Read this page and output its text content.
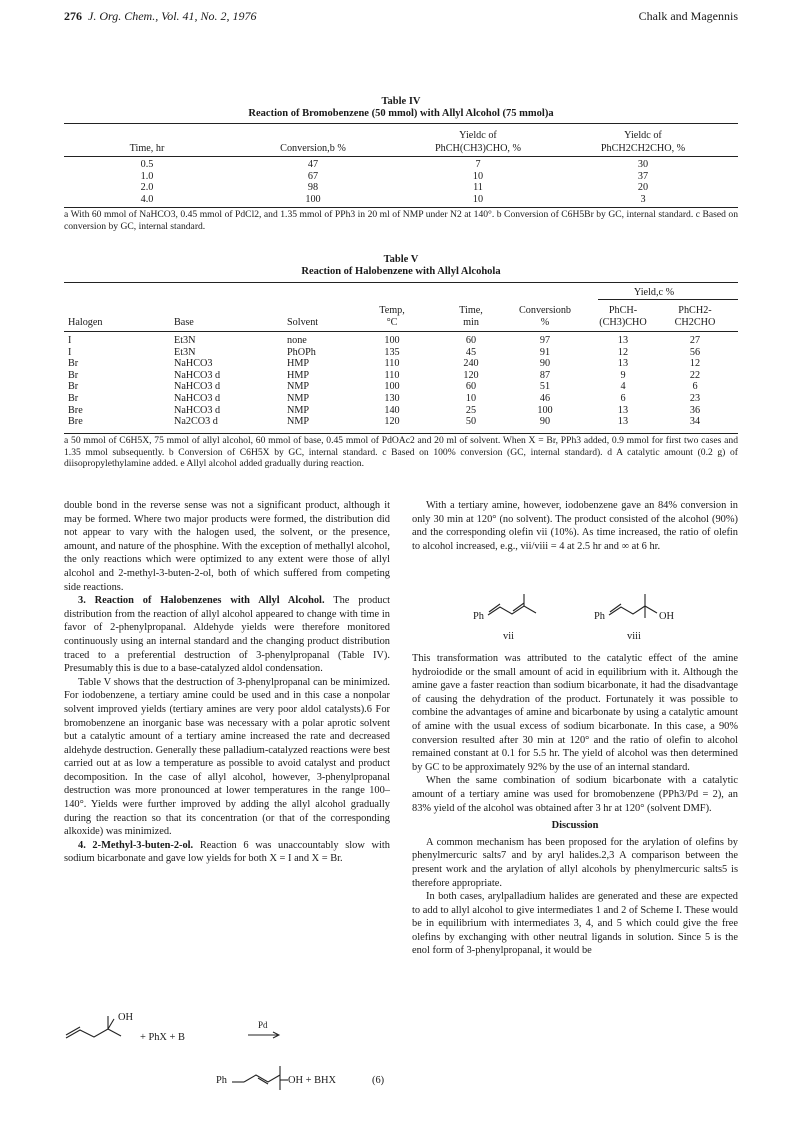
276 J. Org. Chem., Vol. 41, No. 2, 1976	Chalk and Magennis
Table IV
Reaction of Bromobenzene (50 mmol) with Allyl Alcohol (75 mmol)a
Time, hr	Conversion,b %
Yieldc of
PhCH(CH3)CHO, %
Yieldc of
PhCH2CH2CHO, %
0.5	47	7	30
1.0	67	10	37
2.0	98	11	20
4.0	100	10	3
a With 60 mmol of NaHCO3, 0.45 mmol of PdCl2, and 1.35 mmol of PPh3 in 20 ml of NMP under N2 at 140°. b Conversion of C6H5Br by GC, internal standard. c Based on conversion by GC, internal standard.
Table V
Reaction of Halobenzene with Allyl Alcohola
Yield,c %
Halogen	Base	Solvent
Temp,
°C
Time,
min
Conversionb
%
PhCH-
(CH3)CHO
PhCH2-
CH2CHO
I	Et3N	none	100	60	97	13	27
I	Et3N	PhOPh	135	45	91	12	56
Br	NaHCO3	HMP	110	240	90	13	12
Br	NaHCO3 d	HMP	110	120	87	9	22
Br	NaHCO3 d	NMP	100	60	51	4	6
Br	NaHCO3 d	NMP	130	10	46	6	23
Bre	NaHCO3 d	NMP	140	25	100	13	36
Bre	Na2CO3 d	NMP	120	50	90	13	34
a 50 mmol of C6H5X, 75 mmol of allyl alcohol, 60 mmol of base, 0.45 mmol of PdOAc2 and 20 ml of solvent. When X = Br, PPh3 added, 0.9 mmol for first two cases and 1.35 mmol subsequently. b Conversion of C6H5X by GC, internal standard. c Based on 100% conversion (GC, internal standard). d A catalytic amount (0.2 g) of diisopropylethylamine added. e Allyl alcohol added gradually during reaction.

double bond in the reverse sense was not a significant product, although it may be formed. Where two major products were formed, the distribution did not appear to vary with the halogen used, the solvent, or the presence, amount, and nature of the phosphine. With the exception of methallyl alcohol, the only reactions which were optimized to any extent were those of allyl alcohol and 2-methyl-3-buten-2-ol, both of which suffered from competing side reactions.

3. Reaction of Halobenzenes with Allyl Alcohol. The product distribution from the reaction of allyl alcohol appeared to change with time in favor of 2-phenylpropanal. Aldehyde yields were therefore monitored continuously using an internal standard and the changing product distribution traced to a preferential destruction of 3-phenylpropanal (Table IV). Presumably this is due to a base-catalyzed aldol condensation.

Table V shows that the destruction of 3-phenylpropanal can be minimized. For iodobenzene, a tertiary amine could be used and in this case a nonpolar solvent improved yields (tertiary amines are very poor aldol catalysts).6 For bromobenzene an inorganic base was necessary with a polar aprotic solvent but a catalytic amount of a tertiary amine increased the rate and decreased aldehyde destruction. Generally these palladium-catalyzed reactions were best carried out at as low a temperature as possible to avoid catalyst and product decomposition. In the case of allyl alcohol, however, 3-phenylpropanal destruction was more pronounced at lower temperatures in the range 100–140°. Yields were further improved by adding the allyl alcohol gradually during the reaction so that its concentration (or that of the corresponding alkoxide) was minimized.

4. 2-Methyl-3-buten-2-ol. Reaction 6 was unaccountably slow with sodium bicarbonate and gave low yields for both X = I and X = Br.

OH
+ PhX + B
Pd
Ph	OH + BHX	(6)

With a tertiary amine, however, iodobenzene gave an 84% conversion in only 30 min at 120° (no solvent). The product consisted of the alcohol (90%) and the corresponding olefin vii (10%). As time increased, the ratio of olefin to alcohol increased, e.g., vii/viii = 4 at 2.5 hr and ∞ at 6 hr.

Ph
vii
Ph	OH
viii

This transformation was attributed to the catalytic effect of the amine hydroiodide or the small amount of acid in equilibrium with it. Although the amine gave a faster reaction than sodium bicarbonate, it had the disadvantage of causing the dehydration of the product. Fortunately it was possible to combine the advantages of amine and bicarbonate by using a catalytic amount of amine with the usual excess of sodium bicarbonate. In this case, a 90% conversion resulted after 30 min at 120° and the ratio of olefin to alcohol remained constant at 0.1 for 5.5 hr. The yield of alcohol was then determined by GC to be approximately 92% by the use of an internal standard.

When the same combination of sodium bicarbonate with a catalytic amount of a tertiary amine was used for bromobenzene (PPh3/Pd = 2), an 83% yield of the alcohol was obtained after 3 hr at 120° (solvent DMF).

Discussion

A common mechanism has been proposed for the arylation of olefins by phenylmercuric salts7 and by aryl halides.2,3 A comparison between the present work and the arylation of allyl alcohols by phenylmercuric salts5 is therefore appropriate.

In both cases, arylpalladium halides are generated and these are expected to add to allyl alcohol to give intermediates 1 and 2 of Scheme I. These would be in equilibrium with intermediates 3, 4, and 5 which could give the free olefins by exchanging with other neutral ligands in solution. Since 5 is the enol form of 3-phenylpropanal, it would be
